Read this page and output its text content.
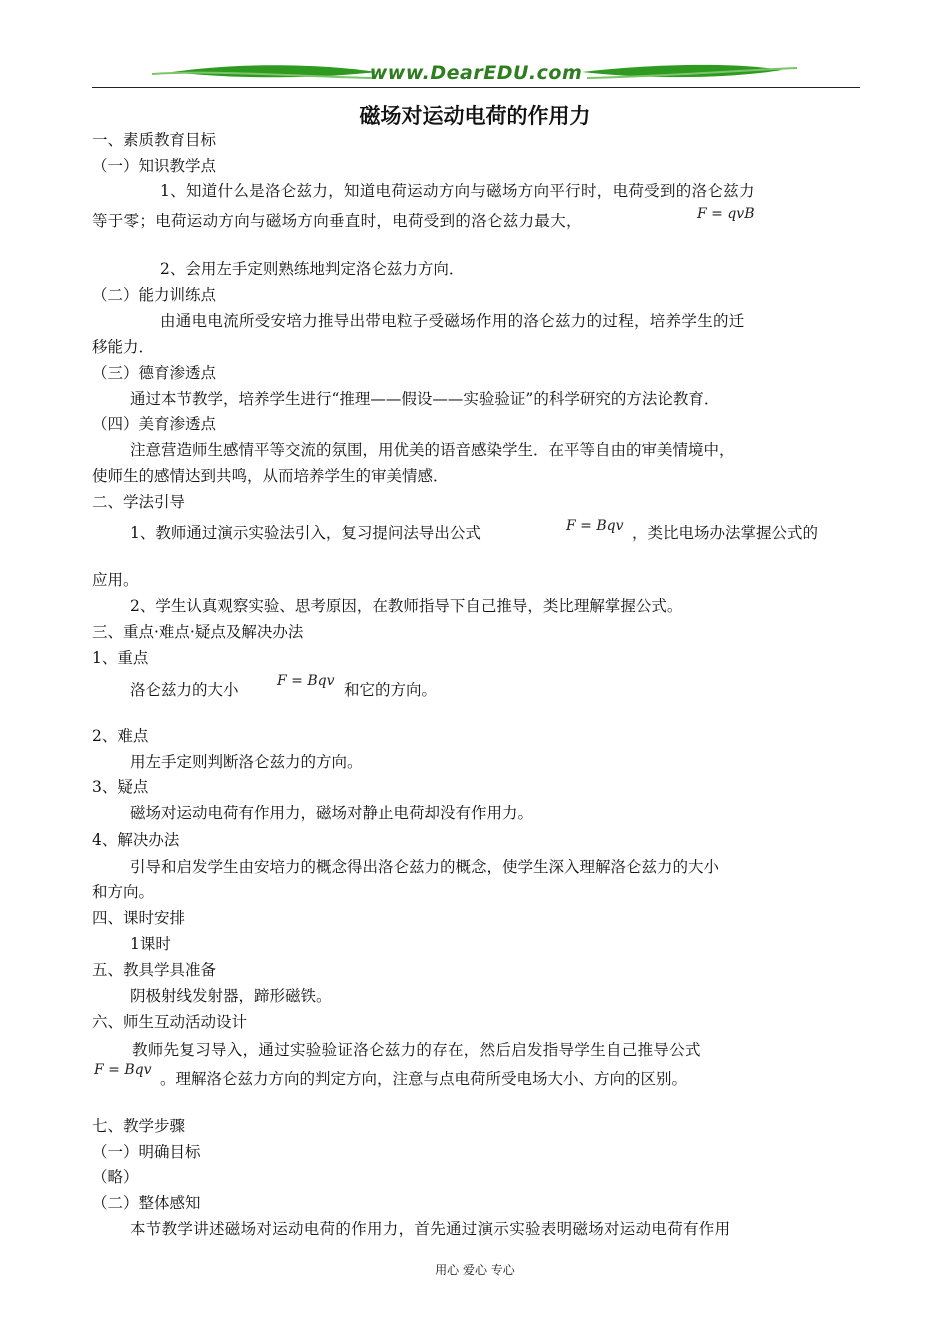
www.DearEDU.com
磁场对运动电荷的作用力
一、素质教育目标
（一）知识教学点
1、知道什么是洛仑兹力，知道电荷运动方向与磁场方向平行时，电荷受到的洛仑兹力
等于零；电荷运动方向与磁场方向垂直时，电荷受到的洛仑兹力最大，	F = qvB
2、会用左手定则熟练地判定洛仑兹力方向．
（二）能力训练点
由通电电流所受安培力推导出带电粒子受磁场作用的洛仑兹力的过程，培养学生的迁
移能力．
（三）德育渗透点
通过本节教学，培养学生进行“推理——假设——实验验证”的科学研究的方法论教育．
（四）美育渗透点
注意营造师生感情平等交流的氛围，用优美的语音感染学生．在平等自由的审美情境中，
使师生的感情达到共鸣，从而培养学生的审美情感．
二、学法引导
1、教师通过演示实验法引入，复习提问法导出公式	F = Bqv ，类比电场办法掌握公式的
应用。
2、学生认真观察实验、思考原因，在教师指导下自己推导，类比理解掌握公式。
三、重点·难点·疑点及解决办法
1、重点
洛仑兹力的大小	F = Bqv 和它的方向。
2、难点
用左手定则判断洛仑兹力的方向。
3、疑点
磁场对运动电荷有作用力，磁场对静止电荷却没有作用力。
4、解决办法
引导和启发学生由安培力的概念得出洛仑兹力的概念，使学生深入理解洛仑兹力的大小
和方向。
四、课时安排
1课时
五、教具学具准备
阴极射线发射器，蹄形磁铁。
六、师生互动活动设计
教师先复习导入，通过实验验证洛仑兹力的存在，然后启发指导学生自己推导公式
F = Bqv 。理解洛仑兹力方向的判定方向，注意与点电荷所受电场大小、方向的区别。
七、教学步骤
（一）明确目标
（略）
（二）整体感知
本节教学讲述磁场对运动电荷的作用力，首先通过演示实验表明磁场对运动电荷有作用
用心 爱心 专心
